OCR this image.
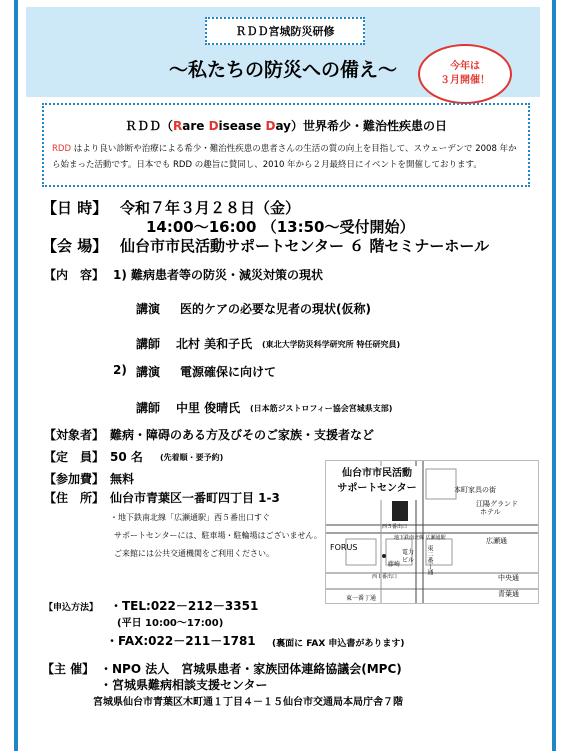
ＲＤＤ宮城防災研修
～私たちの防災への備え～	今年は
３月開催！
ＲＤＤ（Rare Disease Day）世界希少・難治性疾患の日
RDD はより良い診断や治療による希少・難治性疾患の患者さんの生活の質の向上を目指して、スウェーデンで 2008 年から始まった活動です。日本でも RDD の趣旨に賛同し、2010 年から２月最終日にイベントを開催しております。
【日 時】 令和７年３月２８日（金）
14:00～16:00 （13:50～受付開始）
【会 場】 仙台市市民活動サポートセンター ６ 階セミナーホール
【内　容】 1) 難病患者等の防災・減災対策の現状
講演 医的ケアの必要な児者の現状(仮称)
講師 北村 美和子氏 (東北大学防災科学研究所 特任研究員)
2) 講演 電源確保に向けて
講師 中里 俊晴氏 (日本筋ジストロフィー協会宮城県支部)
【対象者】 難病・障碍のある方及びそのご家族・支援者など
【定　員】 50 名 (先着順・要予約)
【参加費】 無料
【住　所】 仙台市青葉区一番町四丁目 1-3
・地下鉄南北線「広瀬通駅」西５番出口すぐ
サポートセンターには、駐車場・駐輪場はございません。
ご来館には公共交通機関をご利用ください。
仙台市市民活動
サポートセンター	本町家具の街
江陽グランド
ホテル
西５番出口
地下鉄南北線 広瀬通駅	広瀬通
FORUS
藤崎
電力
ビル 東二番丁通
西１番出口	中央通
青葉通
東一番丁通
【申込方法】 ・TEL:022－212－3351
(平日 10:00～17:00)
・FAX:022－211－1781 (裏面に FAX 申込書があります)
【主 催】 ・NPO 法人　宮城県患者・家族団体連絡協議会(MPC)
・宮城県難病相談支援センター
宮城県仙台市青葉区木町通１丁目４－１５仙台市交通局本局庁舎７階
